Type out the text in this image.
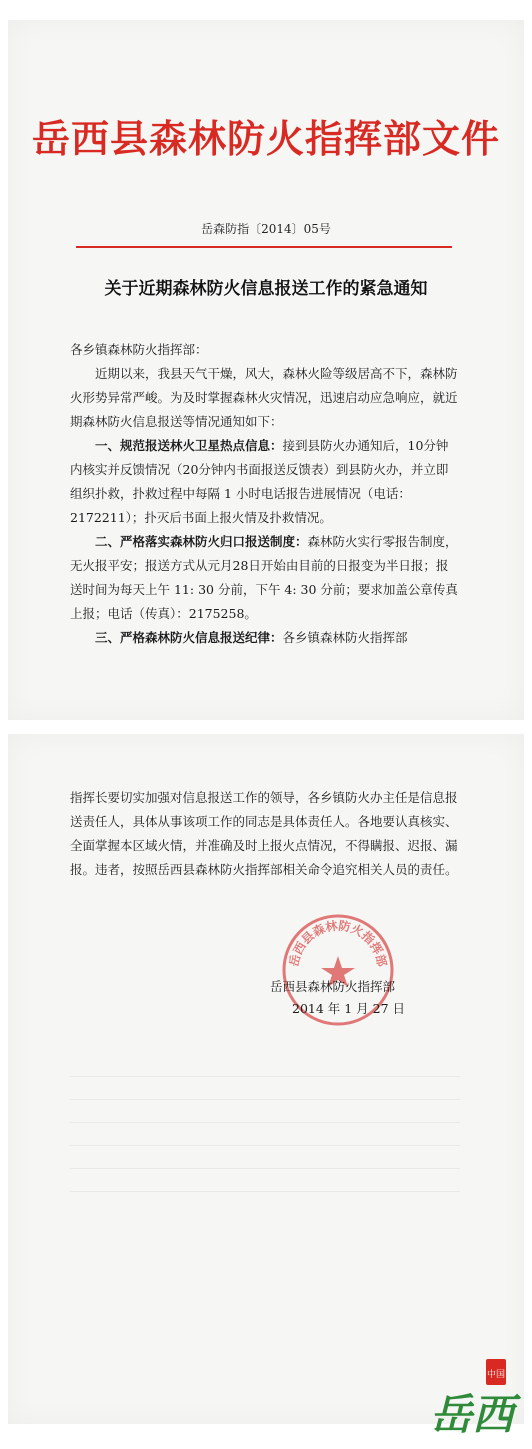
岳西县森林防火指挥部文件
岳森防指〔2014〕05号
关于近期森林防火信息报送工作的紧急通知

各乡镇森林防火指挥部：

近期以来，我县天气干燥，风大，森林火险等级居高不下，森林防火形势异常严峻。为及时掌握森林火灾情况，迅速启动应急响应，就近期森林防火信息报送等情况通知如下：

一、规范报送林火卫星热点信息：接到县防火办通知后，10分钟内核实并反馈情况（20分钟内书面报送反馈表）到县防火办，并立即组织扑救，扑救过程中每隔 1 小时电话报告进展情况（电话：2172211）；扑灭后书面上报火情及扑救情况。

二、严格落实森林防火归口报送制度：森林防火实行零报告制度，无火报平安；报送方式从元月28日开始由目前的日报变为半日报；报送时间为每天上午 11: 30 分前，下午 4: 30 分前；要求加盖公章传真上报；电话（传真）：2175258。

三、严格森林防火信息报送纪律：各乡镇森林防火指挥部

指挥长要切实加强对信息报送工作的领导，各乡镇防火办主任是信息报送责任人，具体从事该项工作的同志是具体责任人。各地要认真核实、全面掌握本区域火情，并准确及时上报火点情况，不得瞒报、迟报、漏报。违者，按照岳西县森林防火指挥部相关命令追究相关人员的责任。

岳西县森林防火指挥部
岳西县森林防火指挥部
2014 年 1 月 27 日
中国
岳西
